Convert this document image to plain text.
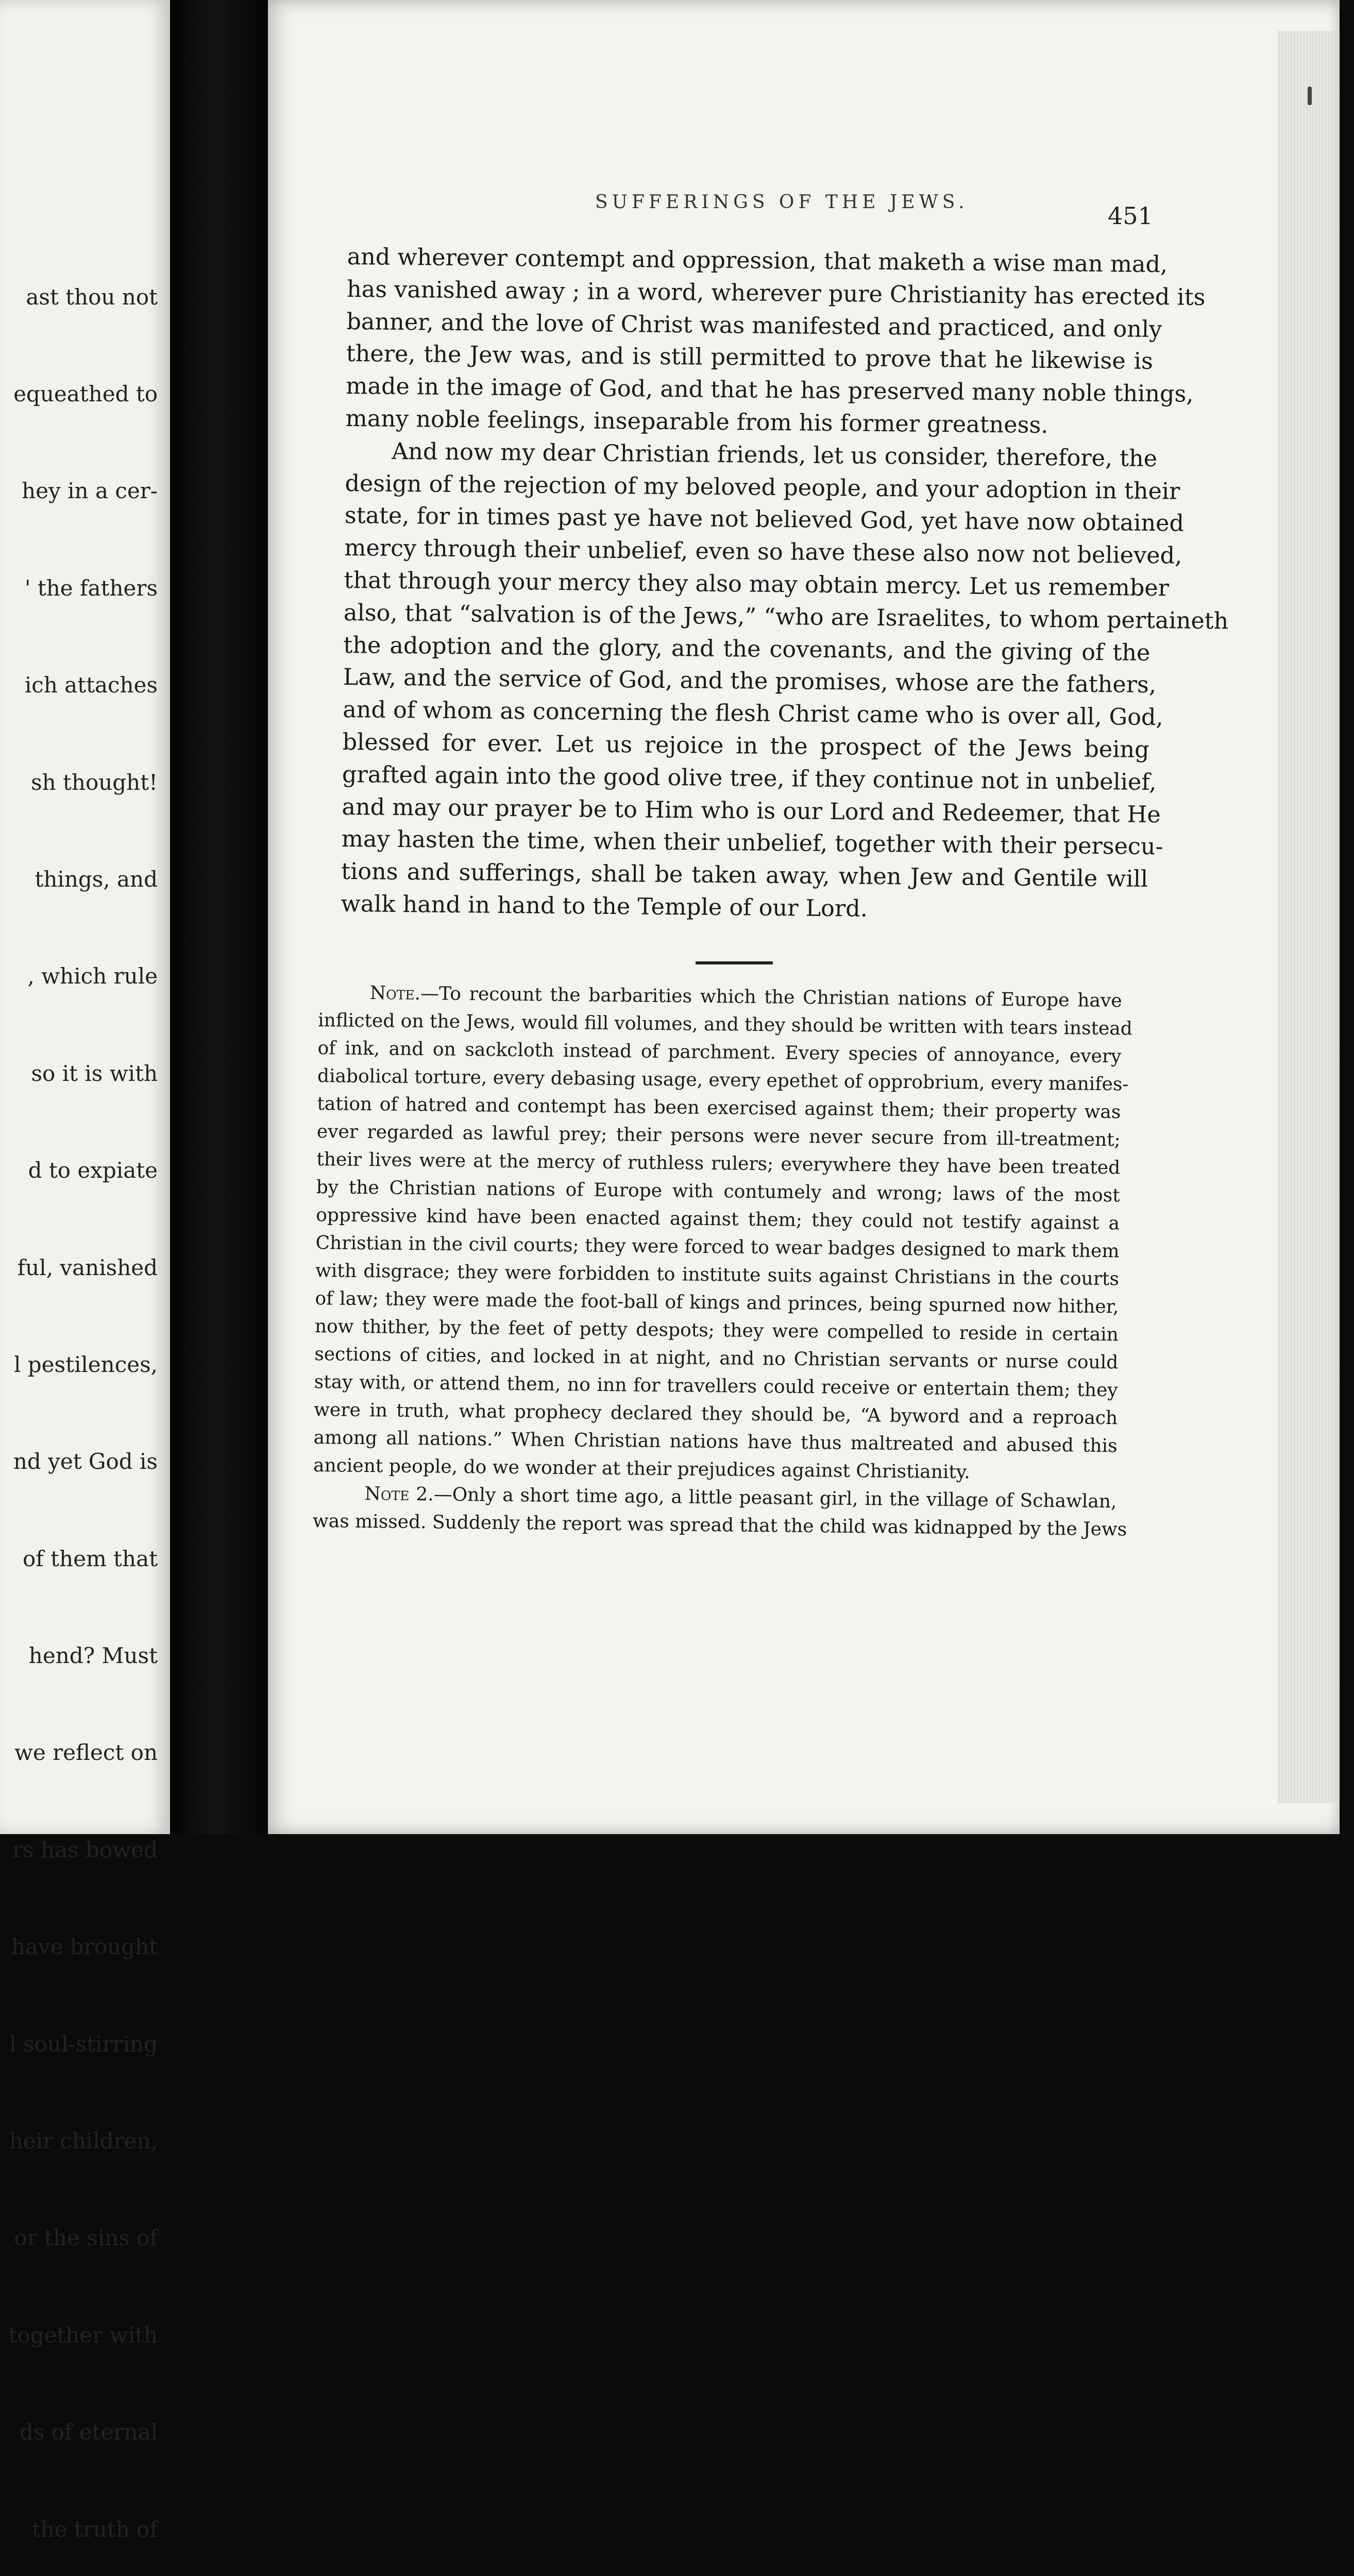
ast thou not

equeathed to

hey in a cer-

' the fathers

ich attaches

sh thought!

things, and

, which rule

so it is with

d to expiate

ful, vanished

l pestilences,

nd yet God is

of them that

hend? Must

we reflect on

rs has bowed

have brought

l soul-stirring

heir children,

or the sins of

together with

ds of eternal

the truth of

SUFFERINGS OF THE JEWS.	451
and wherever contempt and oppression, that maketh a wise man mad,
has vanished away ; in a word, wherever pure Christianity has erected its
banner, and the love of Christ was manifested and practiced, and only
there, the Jew was, and is still permitted to prove that he likewise is
made in the image of God, and that he has preserved many noble things,
many noble feelings, inseparable from his former greatness.
And now my dear Christian friends, let us consider, therefore, the
design of the rejection of my beloved people, and your adoption in their
state, for in times past ye have not believed God, yet have now obtained
mercy through their unbelief, even so have these also now not believed,
that through your mercy they also may obtain mercy. Let us remember
also, that “salvation is of the Jews,” “who are Israelites, to whom pertaineth
the adoption and the glory, and the covenants, and the giving of the
Law, and the service of God, and the promises, whose are the fathers,
and of whom as concerning the flesh Christ came who is over all, God,
blessed for ever. Let us rejoice in the prospect of the Jews being
grafted again into the good olive tree, if they continue not in unbelief,
and may our prayer be to Him who is our Lord and Redeemer, that He
may hasten the time, when their unbelief, together with their persecu-
tions and sufferings, shall be taken away, when Jew and Gentile will
walk hand in hand to the Temple of our Lord.
Note.—To recount the barbarities which the Christian nations of Europe have
inflicted on the Jews, would fill volumes, and they should be written with tears instead
of ink, and on sackcloth instead of parchment. Every species of annoyance, every
diabolical torture, every debasing usage, every epethet of opprobrium, every manifes-
tation of hatred and contempt has been exercised against them; their property was
ever regarded as lawful prey; their persons were never secure from ill-treatment;
their lives were at the mercy of ruthless rulers; everywhere they have been treated
by the Christian nations of Europe with contumely and wrong; laws of the most
oppressive kind have been enacted against them; they could not testify against a
Christian in the civil courts; they were forced to wear badges designed to mark them
with disgrace; they were forbidden to institute suits against Christians in the courts
of law; they were made the foot-ball of kings and princes, being spurned now hither,
now thither, by the feet of petty despots; they were compelled to reside in certain
sections of cities, and locked in at night, and no Christian servants or nurse could
stay with, or attend them, no inn for travellers could receive or entertain them; they
were in truth, what prophecy declared they should be, “A byword and a reproach
among all nations.” When Christian nations have thus maltreated and abused this
ancient people, do we wonder at their prejudices against Christianity.
Note 2.—Only a short time ago, a little peasant girl, in the village of Schawlan,
was missed. Suddenly the report was spread that the child was kidnapped by the Jews
